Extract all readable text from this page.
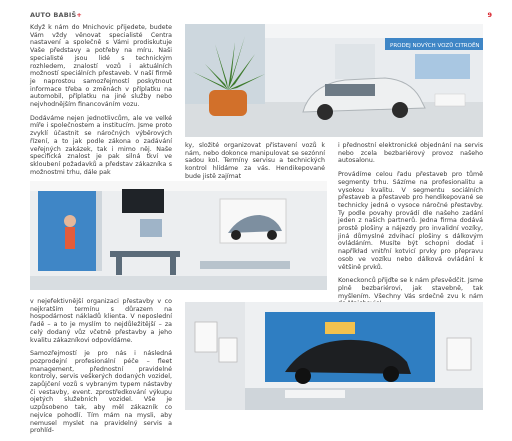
AUTO BABIŠ+	9

Když k nám do Mnichovic přijedete, budete Vám vždy věnovat specialisté Centra nastavení a společně s Vámi prodiskutuje Vaše představy a potřeby na míru. Naši specialisté jsou lidé s technickým rozhledem, znalostí vozů i aktuálních možností speciálních přestaveb. V naší firmě je naprostou samozřejmostí poskytnout informace třeba o změnách v příplatku na automobil, příplatku na jiné služby nebo nejvhodnějším financováním vozu.

Dodáváme nejen jednotlivcům, ale ve velké míře i společnostem a institucím. Jsme proto zvyklí účastnit se náročných výběrových řízení, a to jak podle zákona o zadávání veřejných zakázek, tak i mimo něj. Naše specifická znalost je pak silná tkví ve skloubení požadavků a představ zákazníka s možnostmi trhu, dále pak

PRODEJ NOVÝCH VOZŮ CITROËN

ky, složité organizovat přistavení vozů k nám, nebo dokonce manipulovat se sezónní sadou kol. Termíny servisu a technických kontrol hlídáme za vás. Hendikepované bude jistě zajímat

i přednostní elektronické objednání na servis nebo zcela bezbariérový provoz našeho autosalonu.

Provádíme celou řadu přestaveb pro tůmě segmenty trhu. Sázíme na profesionalitu a vysokou kvalitu. V segmentu sociálních přestaveb a přestaveb pro hendikepované se technicky jedná o vysoce náročné přestavby. Ty podle povahy provádí dle našeho zadání jeden z našich partnerů. Jedna firma dodává prostě plošiny a nájezdy pro invalidní vozíky, jiná důmyslné zdvihací plošiny s dálkovým ovládáním. Musíte být schopni dodat i napříkład vnitřní kotvicí prvky pro přepravu osob ve vozíku nebo dálková ovládání k většině prvků.

Koneckonců přijďte se k nám přesvědčit. Jsme plně bezbariérovi, jak stavebně, tak myšlením. Všechny Vás srdečně zvu k nám

v nejefektivnější organizaci přestavby v co nejkratším termínu s důrazem na hospodárnost nákladů klienta. V neposlední řadě – a to je myslím to nejdůležitější – za celý dodaný vůz včetně přestavby a jeho kvalitu zákazníkovi odpovídáme.

Samozřejmostí je pro nás i následná pozprodejní profesionální péče – fleet management, přednostní pravidelné kontroly, servis veškerých dodaných vozidel, zapůjčení vozů s vybraným typem nástavby či vestavby, event. zprostředkování výkupu ojetých služebních vozidel. Vše je uzpůsobeno tak, aby měl zákazník co nejvíce pohodlí. Tím mám na mysli, aby nemusel myslet na pravidelný servis a prohlíd-
